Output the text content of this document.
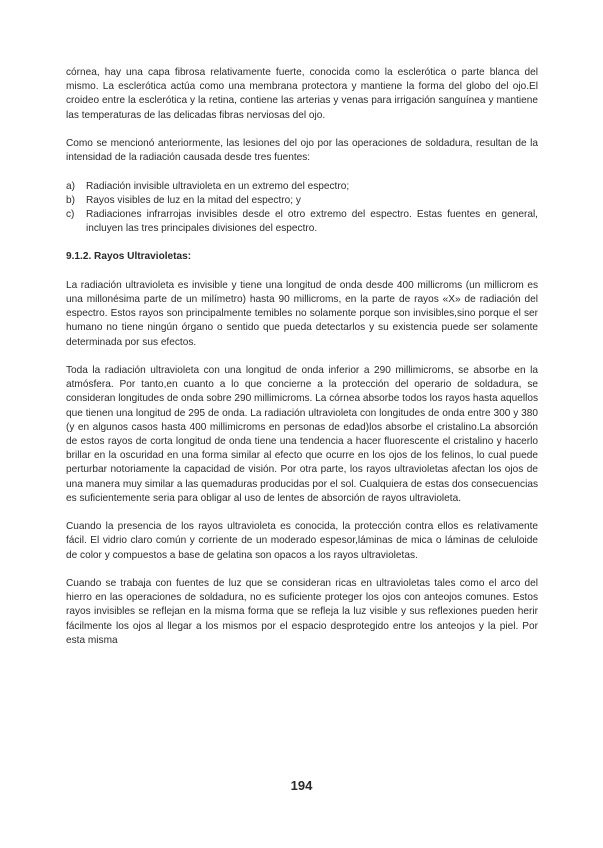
córnea, hay una capa fibrosa relativamente fuerte, conocida como la esclerótica o parte blanca del mismo. La esclerótica actúa como una membrana protectora y mantiene la forma del globo del ojo.El croideo entre la esclerótica y la retina, contiene las arterias y venas para irrigación sanguínea y mantiene las temperaturas de las delicadas fibras nerviosas del ojo.

Como se mencionó anteriormente, las lesiones del ojo por las operaciones de soldadura, resultan de la intensidad de la radiación causada desde tres fuentes:

a) Radiación invisible ultravioleta en un extremo del espectro;
b) Rayos visibles de luz en la mitad del espectro; y
c) Radiaciones infrarrojas invisibles desde el otro extremo del espectro. Estas fuentes en general, incluyen las tres principales divisiones del espectro.
9.1.2. Rayos Ultravioletas:

La radiación ultravioleta es invisible y tiene una longitud de onda desde 400 millicroms (un millicrom es una millonésima parte de un milímetro) hasta 90 millicroms, en la parte de rayos «X» de radiación del espectro. Estos rayos son principalmente temibles no solamente porque son invisibles,sino porque el ser humano no tiene ningún órgano o sentido que pueda detectarlos y su existencia puede ser solamente determinada por sus efectos.

Toda la radiación ultravioleta con una longitud de onda inferior a 290 millimicroms, se absorbe en la atmósfera. Por tanto,en cuanto a lo que concierne a la protección del operario de soldadura, se consideran longitudes de onda sobre 290 millimicroms. La córnea absorbe todos los rayos hasta aquellos que tienen una longitud de 295 de onda. La radiación ultravioleta con longitudes de onda entre 300 y 380 (y en algunos casos hasta 400 millimicroms en personas de edad)los absorbe el cristalino.La absorción de estos rayos de corta longitud de onda tiene una tendencia a hacer fluorescente el cristalino y hacerlo brillar en la oscuridad en una forma similar al efecto que ocurre en los ojos de los felinos, lo cual puede perturbar notoriamente la capacidad de visión. Por otra parte, los rayos ultravioletas afectan los ojos de una manera muy similar a las quemaduras producidas por el sol. Cualquiera de estas dos consecuencias es suficientemente seria para obligar al uso de lentes de absorción de rayos ultravioleta.

Cuando la presencia de los rayos ultravioleta es conocida, la protección contra ellos es relativamente fácil. El vidrio claro común y corriente de un moderado espesor,láminas de mica o láminas de celuloide de color y compuestos a base de gelatina son opacos a los rayos ultravioletas.

Cuando se trabaja con fuentes de luz que se consideran ricas en ultravioletas tales como el arco del hierro en las operaciones de soldadura, no es suficiente proteger los ojos con anteojos comunes. Estos rayos invisibles se reflejan en la misma forma que se refleja la luz visible y sus reflexiones pueden herir fácilmente los ojos al llegar a los mismos por el espacio desprotegido entre los anteojos y la piel. Por esta misma

194
